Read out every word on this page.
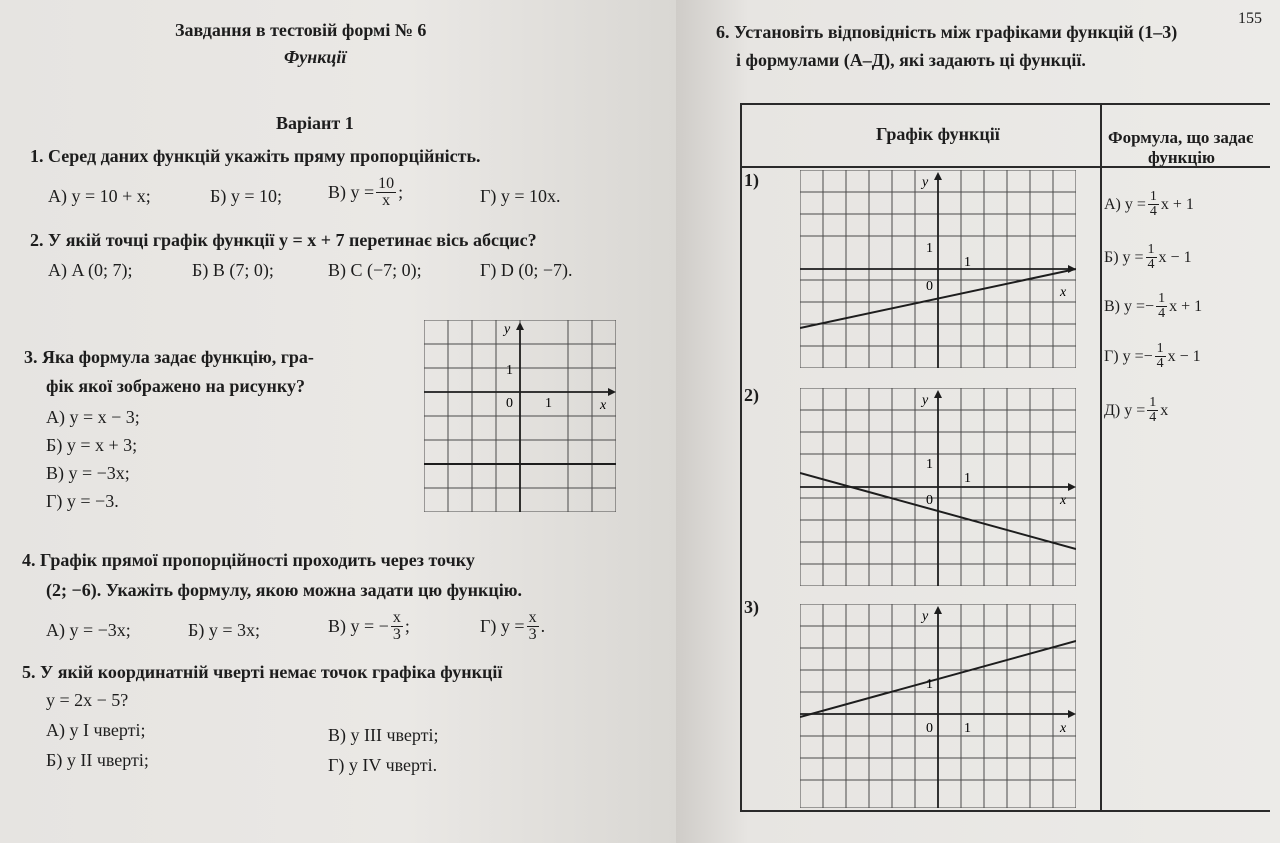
Завдання в тестовій формі № 6
Функції
Варіант 1
1. Серед даних функцій укажіть пряму пропорційність.
А) y = 10 + x;	Б) y = 10;	В) $y = \frac{10}{x}$ ;	Г) y = 10x.
2. У якій точці графік функції y = x + 7 перетинає вісь абсцис?
А) A (0; 7);	Б) B (7; 0);	В) C (−7; 0);	Г) D (0; −7).
3. Яка формула задає функцію, гра-
фік якої зображено на рисунку?
А) y = x − 3;
Б) y = x + 3;
В) y = −3x;
Г) y = −3.
y
x
0 1
1
4. Графік прямої пропорційності проходить через точку
(2; −6). Укажіть формулу, якою можна задати цю функцію.
А) y = −3x;	Б) y = 3x;	В) y = − $\frac{x}{3}$ ;	Г) $y = \frac{x}{3}$ .
5. У якій координатній чверті немає точок графіка функції
y = 2x − 5?
А) у I чверті;	В) у III чверті;
Б) у II чверті;	Г) у IV чверті.
155
6. Установіть відповідність між графіками функцій (1–3)
і формулами (А–Д), які задають ці функції.
Графік функції	Формула, що задає
функцію
1)
2)
3)
y
x
0
1
1
y
x
0
1
1
y
x
0 1
1
А) $y = \frac{1}{4}$ x + 1
Б) $y = \frac{1}{4}$ x − 1
В) y = − $\frac{1}{4}$ x + 1
Г) y = − $\frac{1}{4}$ x − 1
Д) $y = \frac{1}{4}$ x
